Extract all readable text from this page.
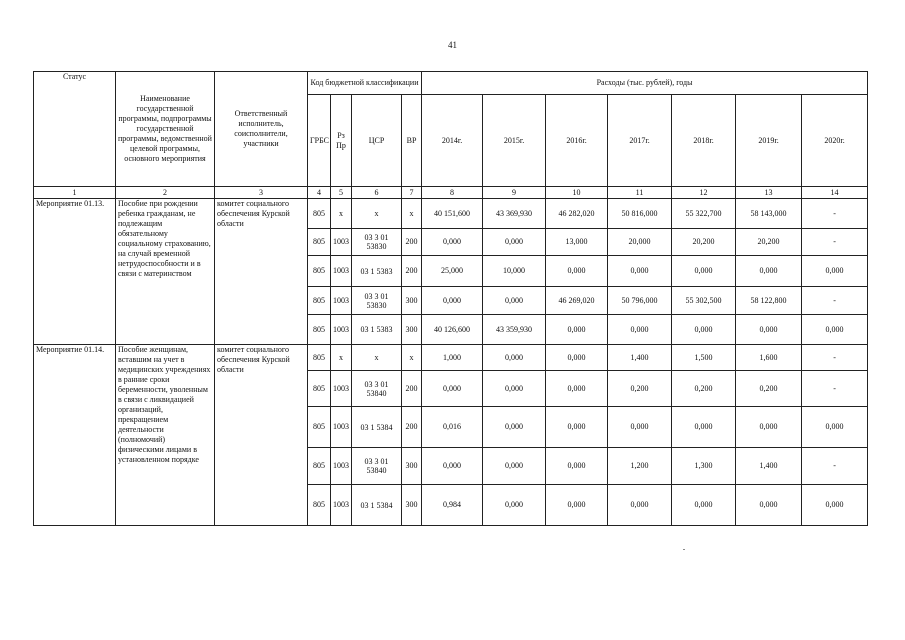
41
Статус	Наименование государственной программы, подпрограммы государственной программы, ведомственной целевой программы, основного мероприятия	Ответственный исполнитель, соисполнители, участники	Код бюджетной классификации				Расходы (тыс. рублей), годы						
			ГРБС	Рз Пр	ЦСР	ВР	2014г.	2015г.	2016г.	2017г.	2018г.	2019г.	2020г.
1	2	3	4	5	6	7	8	9	10	11	12	13	14
Мероприятие 01.13.	Пособие при рождении ребенка гражданам, не подлежащим обязательному социальному страхованию, на случай временной нетрудоспособности и в связи с материнством	комитет социального обеспечения Курской области	805	x	x	x	40 151,600	43 369,930	46 282,020	50 816,000	55 322,700	58 143,000	-
			805	1003	03 3 01 53830	200	0,000	0,000	13,000	20,000	20,200	20,200	-
			805	1003	03 1 5383	200	25,000	10,000	0,000	0,000	0,000	0,000	0,000
			805	1003	03 3 01 53830	300	0,000	0,000	46 269,020	50 796,000	55 302,500	58 122,800	-
			805	1003	03 1 5383	300	40 126,600	43 359,930	0,000	0,000	0,000	0,000	0,000
Мероприятие 01.14.	Пособие женщинам, вставшим на учет в медицинских учреждениях в ранние сроки беременности, уволенным в связи с ликвидацией организаций, прекращением деятельности (полномочий) физическими лицами в установленном порядке	комитет социального обеспечения Курской области	805	x	x	x	1,000	0,000	0,000	1,400	1,500	1,600	-
			805	1003	03 3 01 53840	200	0,000	0,000	0,000	0,200	0,200	0,200	-
			805	1003	03 1 5384	200	0,016	0,000	0,000	0,000	0,000	0,000	0,000
			805	1003	03 3 01 53840	300	0,000	0,000	0,000	1,200	1,300	1,400	-
			805	1003	03 1 5384	300	0,984	0,000	0,000	0,000	0,000	0,000	0,000
